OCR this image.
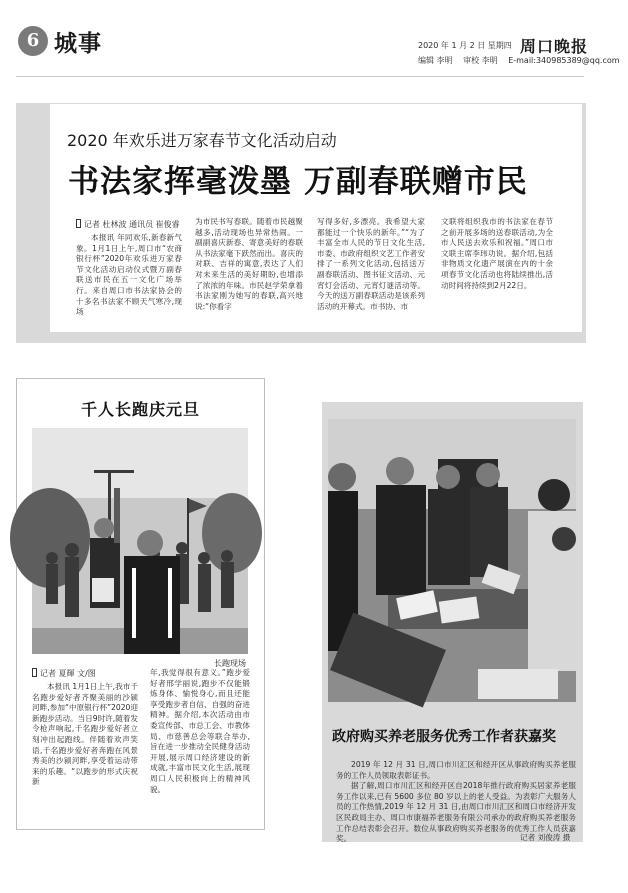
6 城事	2020 年 1 月 2 日 星期四
编辑 李明 审校 李明 E-mail:340985389@qq.com
周口晚报
2020 年欢乐进万家春节文化活动启动
书法家挥毫泼墨 万副春联赠市民
记者 杜林波 通讯员 崔俊睿
本报讯 年同欢乐,新春新气象。1月1日上午,周口市“农商银行杯”2020年欢乐进万家春节文化活动启动仪式暨万副春联送市民在五一文化广场举行。来自周口市书法家协会的十多名书法家不顾天气寒冷,现场
为市民书写春联。随着市民越聚越多,活动现场也异常热闹。一副副喜庆新春、寄意美好的春联从书法家毫下跃然而出。喜庆的对联、吉祥的寓意,表达了人们对未来生活的美好期盼,也增添了浓浓的年味。市民赵学荣拿着书法家刚为她写的春联,高兴地说:“你看字
写得多好,多漂亮。我希望大家都能过一个快乐的新年。”“为了丰富全市人民的节日文化生活,市委、市政府组织文艺工作者安排了一系列文化活动,包括送万副春联活动、图书征文活动、元宵灯会活动、元宵灯谜活动等。今天的送万副春联活动是该系列活动的开幕式。市书协、市
文联将组织我市的书法家在春节之前开展多场的送春联活动,为全市人民送去欢乐和祝福。”周口市文联主席李玮功说。据介绍,包括非物质文化遗产展演在内的十余项春节文化活动也将陆续推出,活动时间将持续到2月22日。
千人长跑庆元旦
长跑现场
记者 夏輝 文/图
本报讯 1月1日上午,我市千名跑步爱好者齐聚美丽的沙颍河畔,参加“中原银行杯”2020迎新跑步活动。当日9时许,随着发令枪声响起,千名跑步爱好者立刻冲出起跑线。伴随着欢声笑语,千名跑步爱好者奔跑在风景秀美的沙颍河畔,享受着运动带来的乐趣。“以跑步的形式庆祝新
年,我觉得很有意义。”跑步爱好者邢学丽说,跑步不仅能锻炼身体、愉悦身心,而且还能享受跑步者自信、自强的奋进精神。据介绍,本次活动由市委宣传部、市总工会、市教体局、市慈善总会等联合举办,旨在进一步推动全民健身活动开展,展示周口经济建设的新成就,丰富市民文化生活,展现周口人民积极向上的精神风貌。
政府购买养老服务优秀工作者获嘉奖

2019 年 12 月 31 日,周口市川汇区和经开区从事政府购买养老服务的工作人员领取表彰证书。

据了解,周口市川汇区和经开区自2018年推行政府购买居家养老服务工作以来,已有 5600 多位 80 岁以上的老人受益。为表彰广大服务人员的工作热情,2019 年 12 月 31 日,由周口市川汇区和周口市经济开发区民政局主办、周口市康福养老服务有限公司承办的政府购买养老服务工作总结表彰会召开。数位从事政府购买养老服务的优秀工作人员获嘉奖。	记者 刘俊涛 摄
